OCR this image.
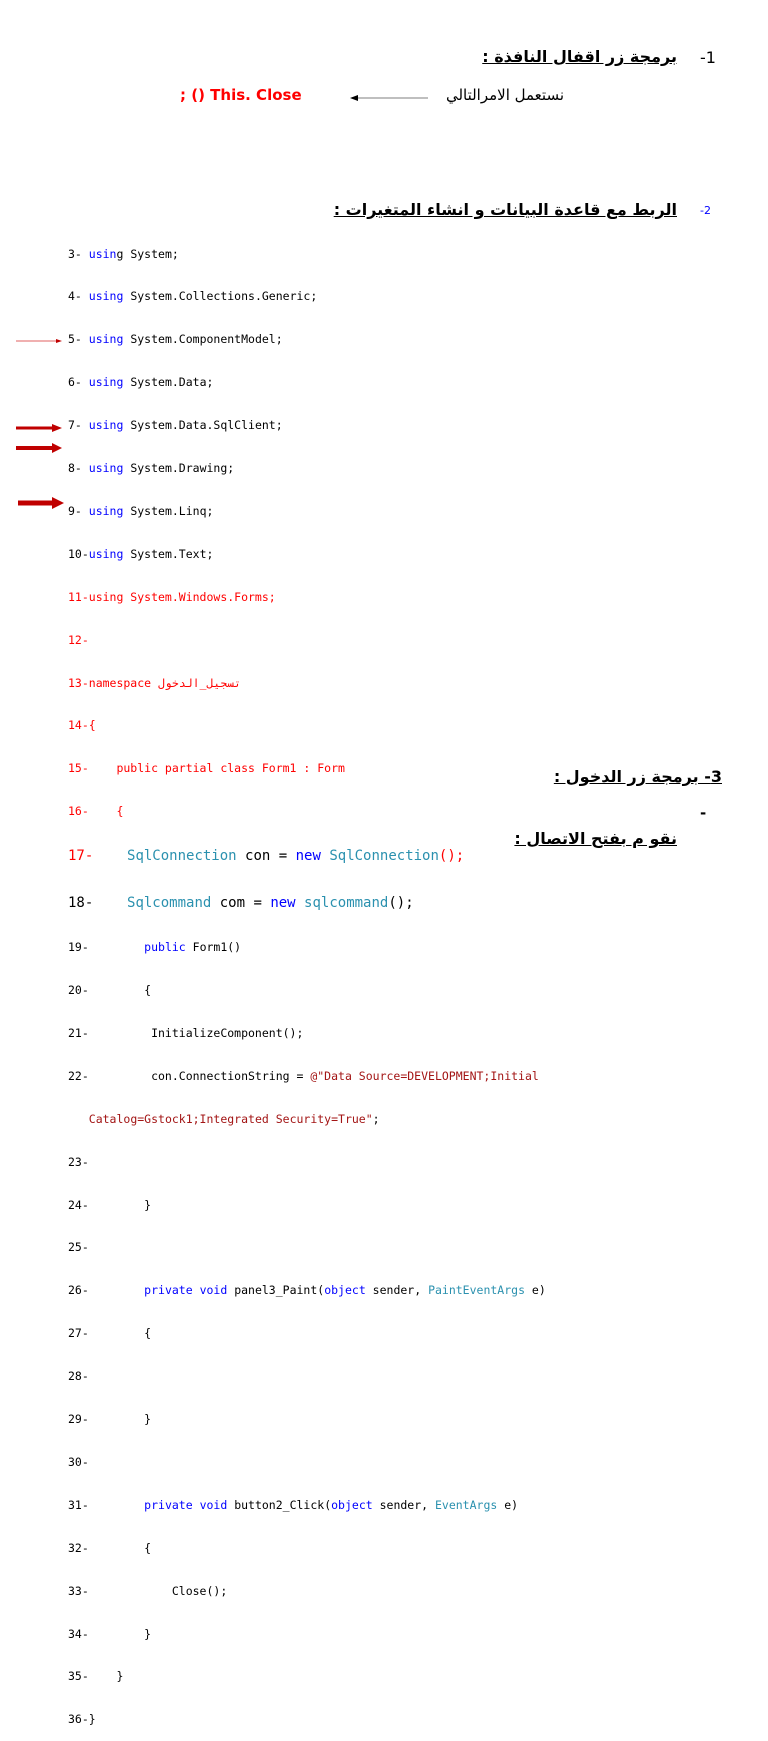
-1
برمجة زر اقفال النافذة :
; () This. Close	نستعمل الامرالتالي
-2
الربط مع قاعدة البيانات و انشاء المتغيرات :

3- using System;

4- using System.Collections.Generic;

5- using System.ComponentModel;

6- using System.Data;

7- using System.Data.SqlClient;

8- using System.Drawing;

9- using System.Linq;

10-using System.Text;

11-using System.Windows.Forms;

12-

13-namespace تسجيل_الدخول

14-{

15-    public partial class Form1 : Form

16-    {

17- SqlConnection con = new SqlConnection();

18- Sqlcommand com = new sqlcommand();

19-        public Form1()

20-        {

21-         InitializeComponent();

22-         con.ConnectionString = @"Data Source=DEVELOPMENT;Initial

Catalog=Gstock1;Integrated Security=True";

23-

24-        }

25-

26-        private void panel3_Paint(object sender, PaintEventArgs e)

27-        {

28-

29-        }

30-

31-        private void button2_Click(object sender, EventArgs e)

32-        {

33-            Close();

34-        }

35-    }

36-}

3- برمجة زر الدخول :
-
نقو م بفتح الاتصال :
